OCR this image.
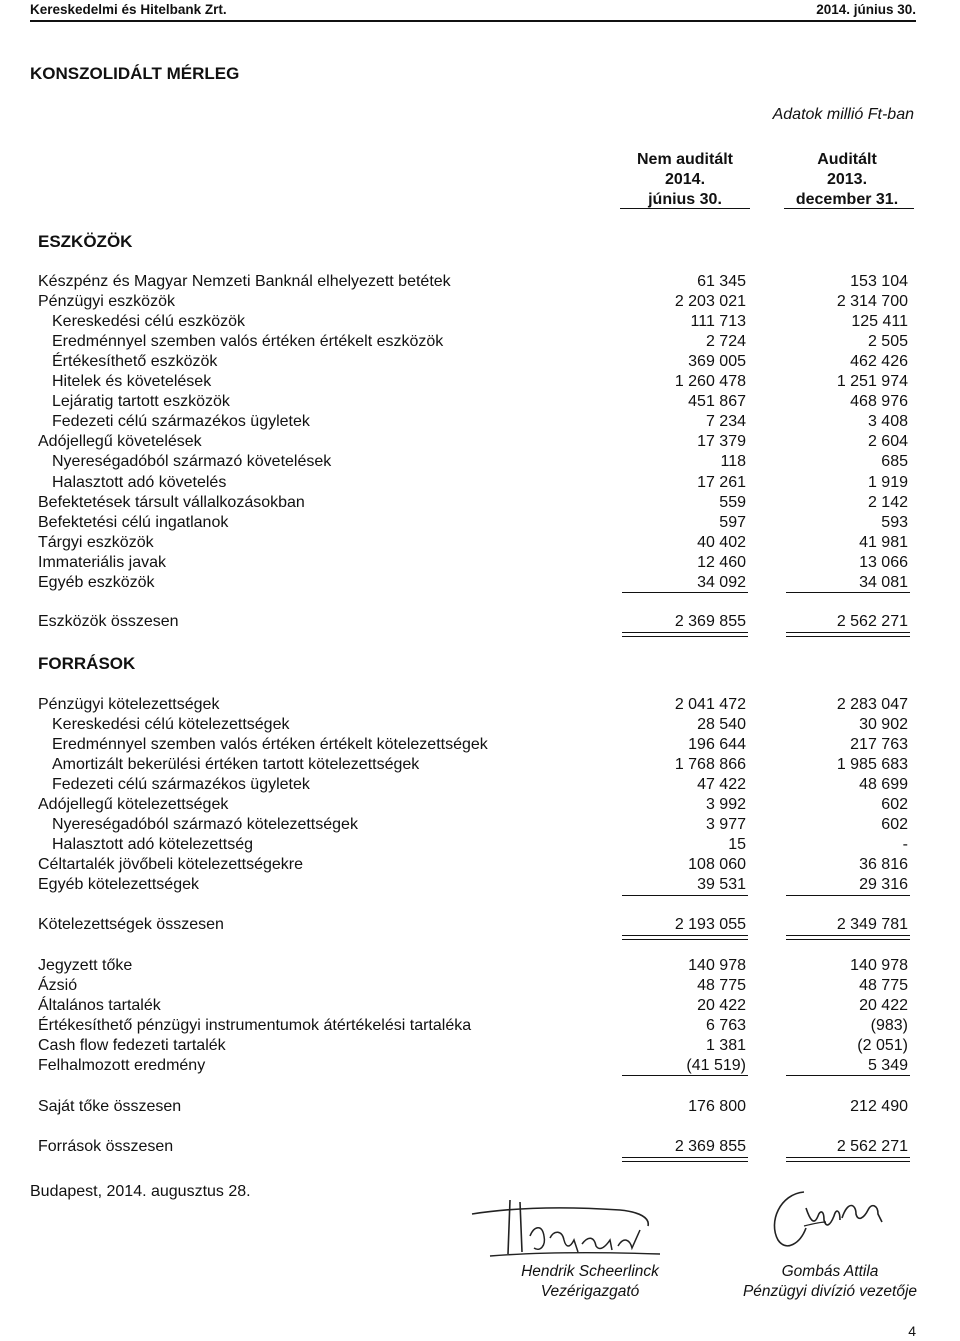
Kereskedelmi és Hitelbank Zrt.	2014. június 30.
KONSZOLIDÁLT MÉRLEG
Adatok millió Ft-ban
Nem auditált
2014.
június 30.
Auditált
2013.
december 31.
ESZKÖZÖK
Készpénz és Magyar Nemzeti Banknál elhelyezett betétek	61 345	153 104
Pénzügyi eszközök	2 203 021	2 314 700
Kereskedési célú eszközök	111 713	125 411
Eredménnyel szemben valós értéken értékelt eszközök	2 724	2 505
Értékesíthető eszközök	369 005	462 426
Hitelek és követelések	1 260 478	1 251 974
Lejáratig tartott eszközök	451 867	468 976
Fedezeti célú származékos ügyletek	7 234	3 408
Adójellegű követelések	17 379	2 604
Nyereségadóból származó követelések	118	685
Halasztott adó követelés	17 261	1 919
Befektetések társult vállalkozásokban	559	2 142
Befektetési célú ingatlanok	597	593
Tárgyi eszközök	40 402	41 981
Immateriális javak	12 460	13 066
Egyéb eszközök	34 092	34 081
Eszközök összesen	2 369 855	2 562 271
FORRÁSOK
Pénzügyi kötelezettségek	2 041 472	2 283 047
Kereskedési célú kötelezettségek	28 540	30 902
Eredménnyel szemben valós értéken értékelt kötelezettségek	196 644	217 763
Amortizált bekerülési értéken tartott kötelezettségek	1 768 866	1 985 683
Fedezeti célú származékos ügyletek	47 422	48 699
Adójellegű kötelezettségek	3 992	602
Nyereségadóból származó kötelezettségek	3 977	602
Halasztott adó kötelezettség	15	-
Céltartalék jövőbeli kötelezettségekre	108 060	36 816
Egyéb kötelezettségek	39 531	29 316
Kötelezettségek összesen	2 193 055	2 349 781
Jegyzett tőke	140 978	140 978
Ázsió	48 775	48 775
Általános tartalék	20 422	20 422
Értékesíthető pénzügyi instrumentumok átértékelési tartaléka	6 763	(983)
Cash flow fedezeti tartalék	1 381	(2 051)
Felhalmozott eredmény	(41 519)	5 349
Saját tőke összesen	176 800	212 490
Források összesen	2 369 855	2 562 271
Budapest, 2014. augusztus 28.
Hendrik Scheerlinck
Vezérigazgató
Gombás Attila
Pénzügyi divízió vezetője
4
